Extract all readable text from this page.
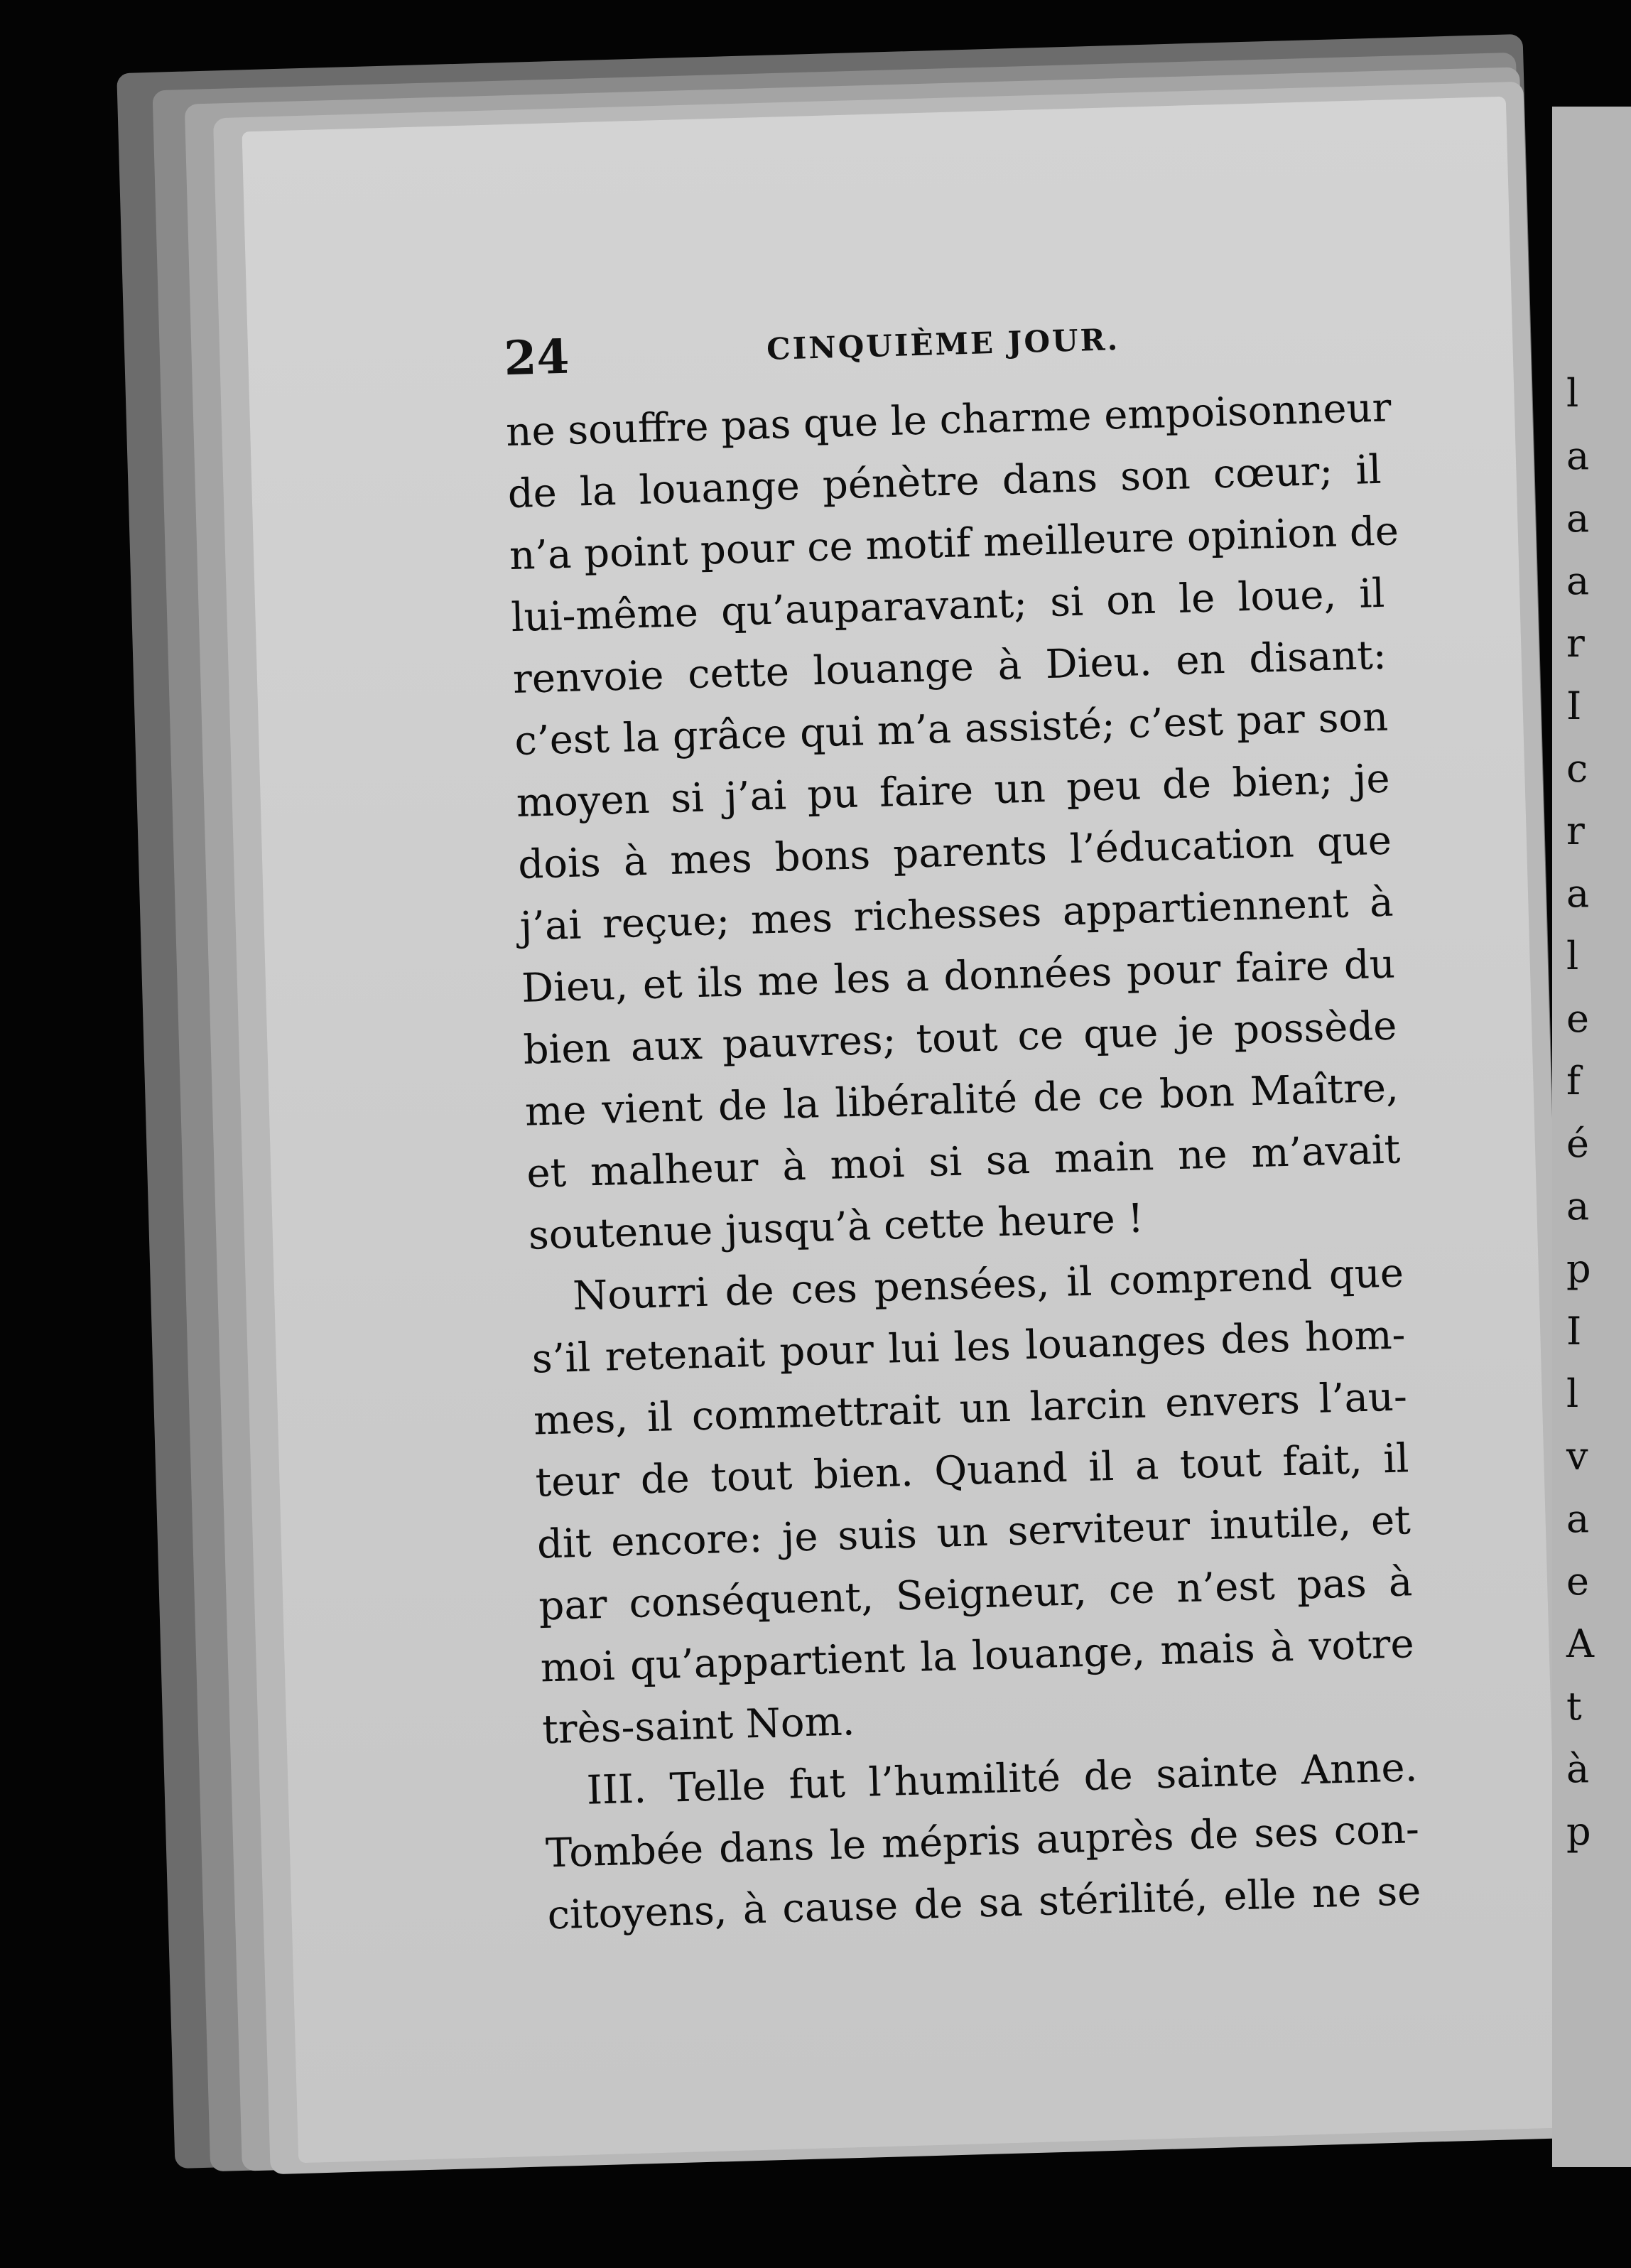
24	CINQUIÈME JOUR.
ne souffre pas que le charme empoisonneur
de la louange pénètre dans son cœur; il
n’a point pour ce motif meilleure opinion de
lui-même qu’auparavant; si on le loue, il
renvoie cette louange à Dieu. en disant:
c’est la grâce qui m’a assisté; c’est par son
moyen si j’ai pu faire un peu de bien; je
dois à mes bons parents l’éducation que
j’ai reçue; mes richesses appartiennent à
Dieu, et ils me les a données pour faire du
bien aux pauvres; tout ce que je possède
me vient de la libéralité de ce bon Maître,
et malheur à moi si sa main ne m’avait
soutenue jusqu’à cette heure !
Nourri de ces pensées, il comprend que
s’il retenait pour lui les louanges des hom-
mes, il commettrait un larcin envers l’au-
teur de tout bien. Quand il a tout fait, il
dit encore: je suis un serviteur inutile, et
par conséquent, Seigneur, ce n’est pas à
moi qu’appartient la louange, mais à votre
très-saint Nom.
III. Telle fut l’humilité de sainte Anne.
Tombée dans le mépris auprès de ses con-
citoyens, à cause de sa stérilité, elle ne se
l
a
a
a
r
I
c
r
a
l
e
f
é
a
p
I
l
v
a
e
A
t
à
p
